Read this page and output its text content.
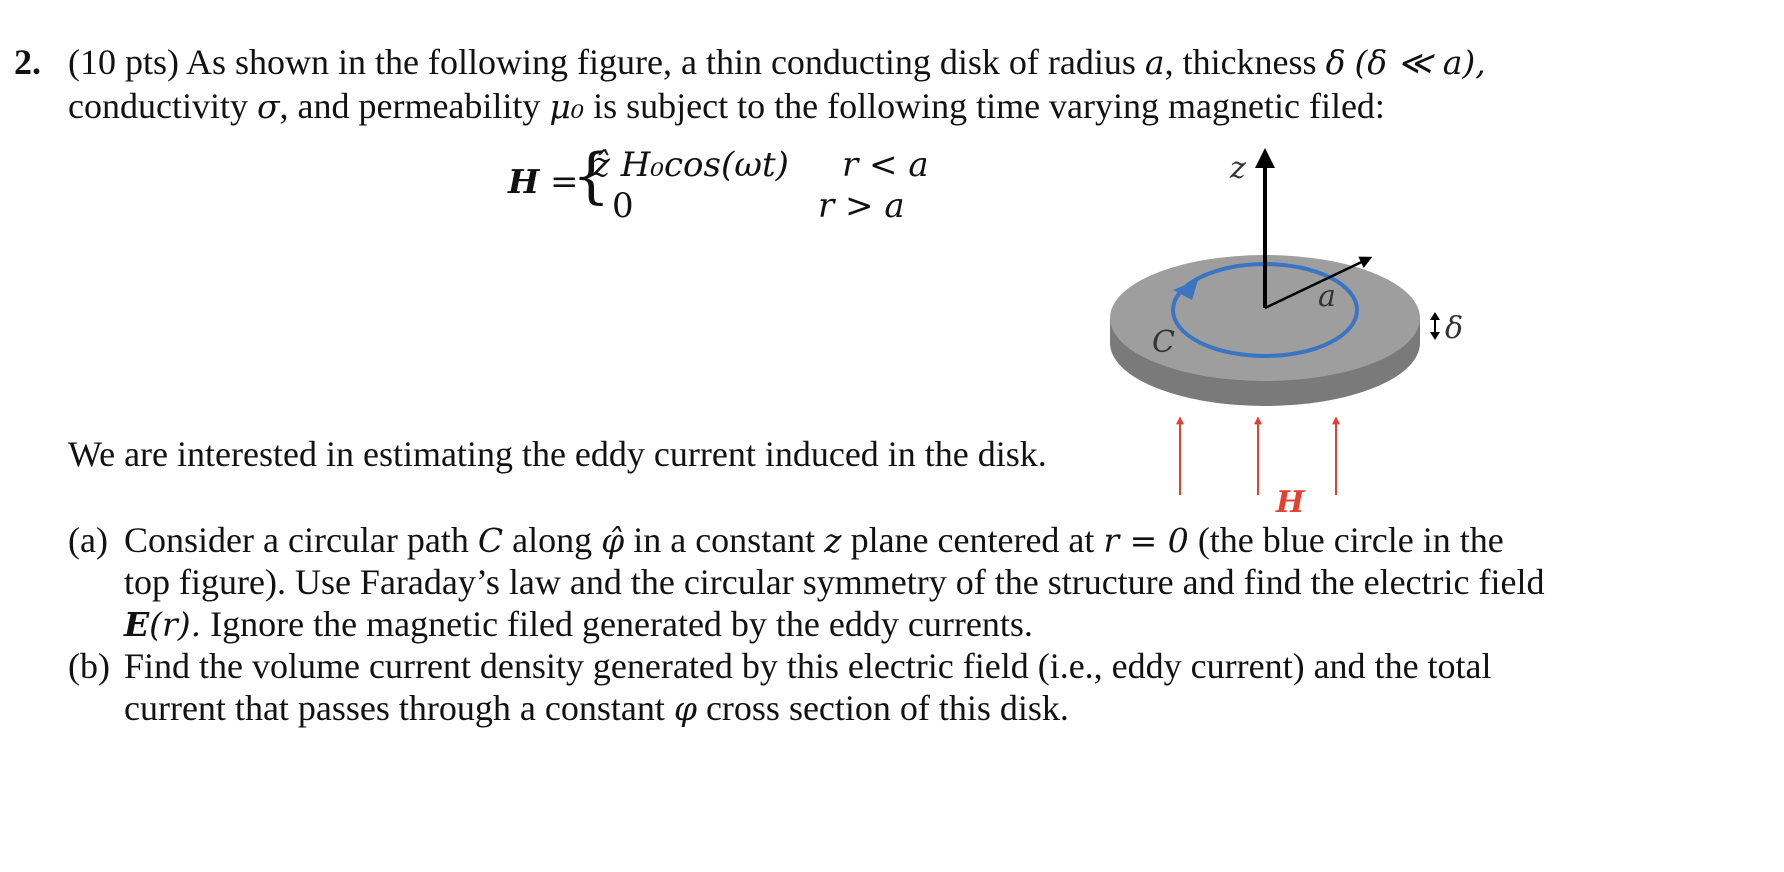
2. (10 pts) As shown in the following figure, a thin conducting disk of radius a, thickness δ (δ ≪ a),
conductivity σ, and permeability μ₀ is subject to the following time varying magnetic filed:
H =
{
ẑ H₀cos(ωt) r < a
0	r > a
z
a
C	δ
H
We are interested in estimating the eddy current induced in the disk.
(a) Consider a circular path C along φ̂ in a constant z plane centered at r = 0 (the blue circle in the
top figure). Use Faraday’s law and the circular symmetry of the structure and find the electric field
E(r). Ignore the magnetic filed generated by the eddy currents.
(b) Find the volume current density generated by this electric field (i.e., eddy current) and the total
current that passes through a constant φ cross section of this disk.
